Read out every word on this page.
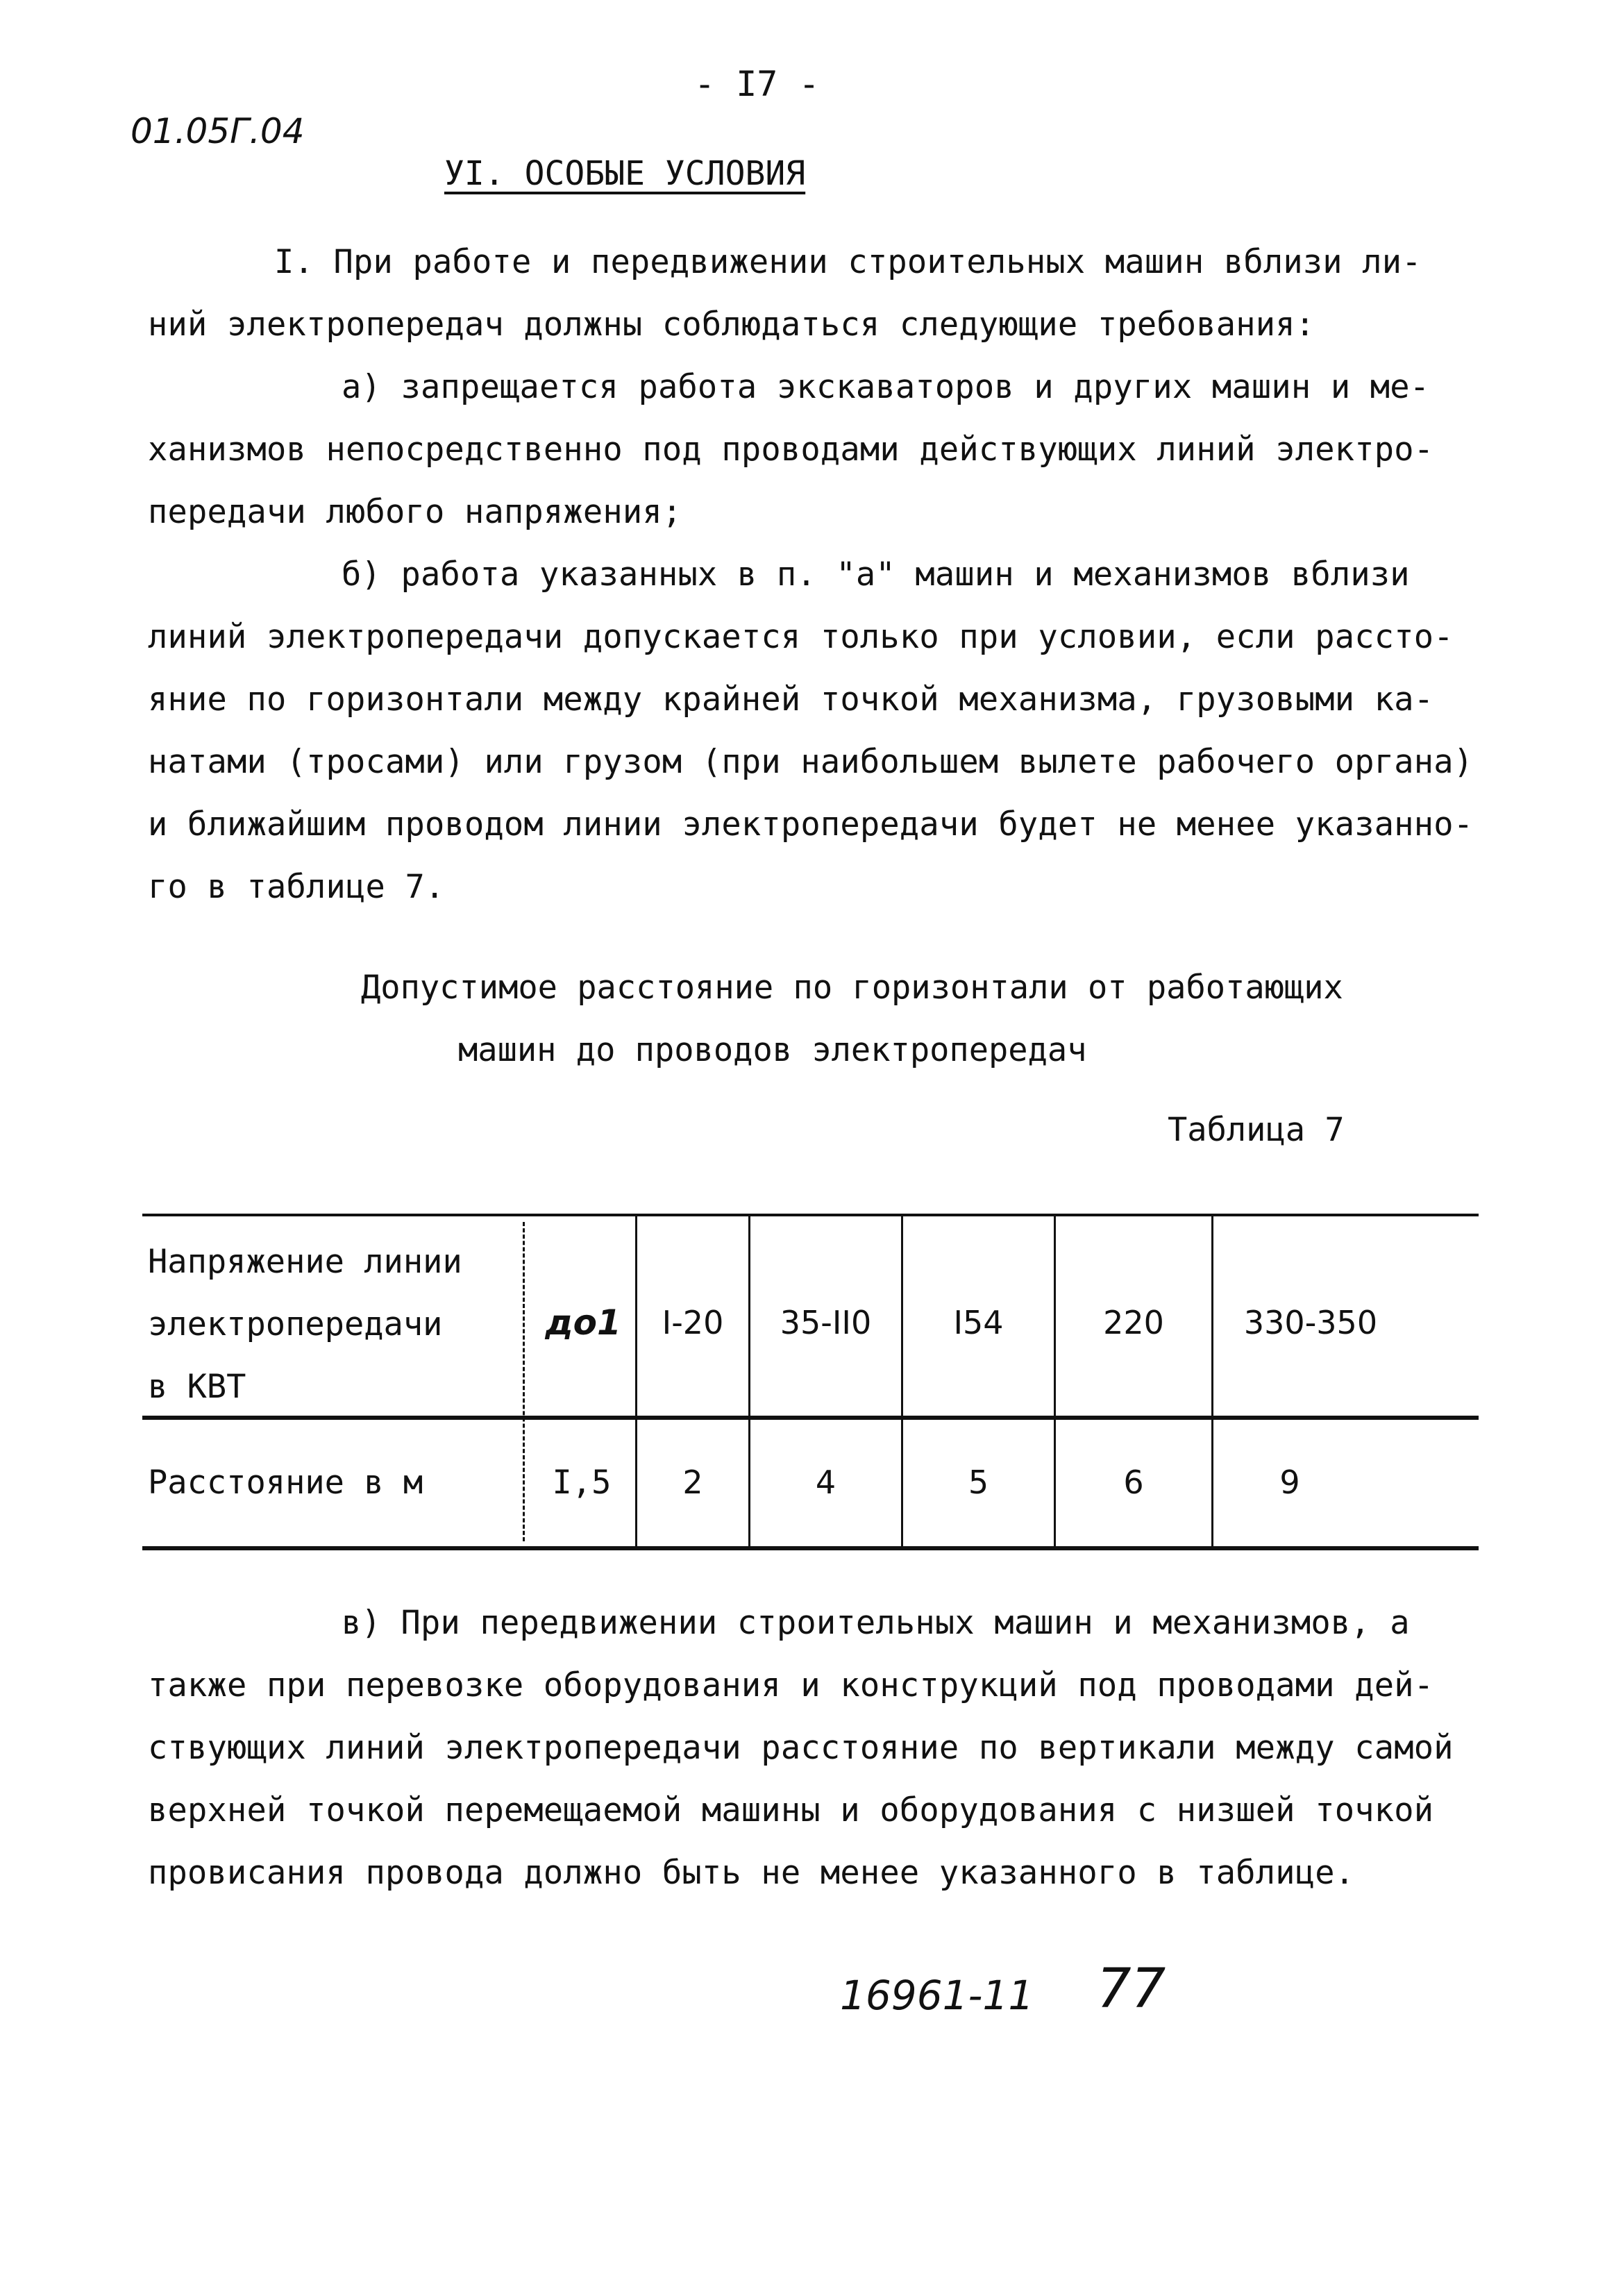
- I7 -
01.05Г.04
УI. ОСОБЫЕ УСЛОВИЯ
I. При работе и передвижении строительных машин вблизи ли-
ний электропередач должны соблюдаться следующие требования:
а) запрещается работа экскаваторов и других машин и ме-
ханизмов непосредственно под проводами действующих линий электро-
передачи любого напряжения;
б) работа указанных в п. "а" машин и механизмов вблизи
линий электропередачи допускается только при условии, если рассто-
яние по горизонтали между крайней точкой механизма, грузовыми ка-
натами (тросами) или грузом (при наибольшем вылете рабочего органа)
и ближайшим проводом линии электропередачи будет не менее указанно-
го в таблице 7.
Допустимое расстояние по горизонтали от работающих
машин до проводов электропередач
Таблица 7
Напряжение линии
электропередачи
в КВТ
до1	I-20	35-II0	I54	220	330-350
Расстояние в м	I,5	2	4	5	6	9
в) При передвижении строительных машин и механизмов, а
также при перевозке оборудования и конструкций под проводами дей-
ствующих линий электропередачи расстояние по вертикали между самой
верхней точкой перемещаемой машины и оборудования с низшей точкой
провисания провода должно быть не менее указанного в таблице.
16961-11 77
